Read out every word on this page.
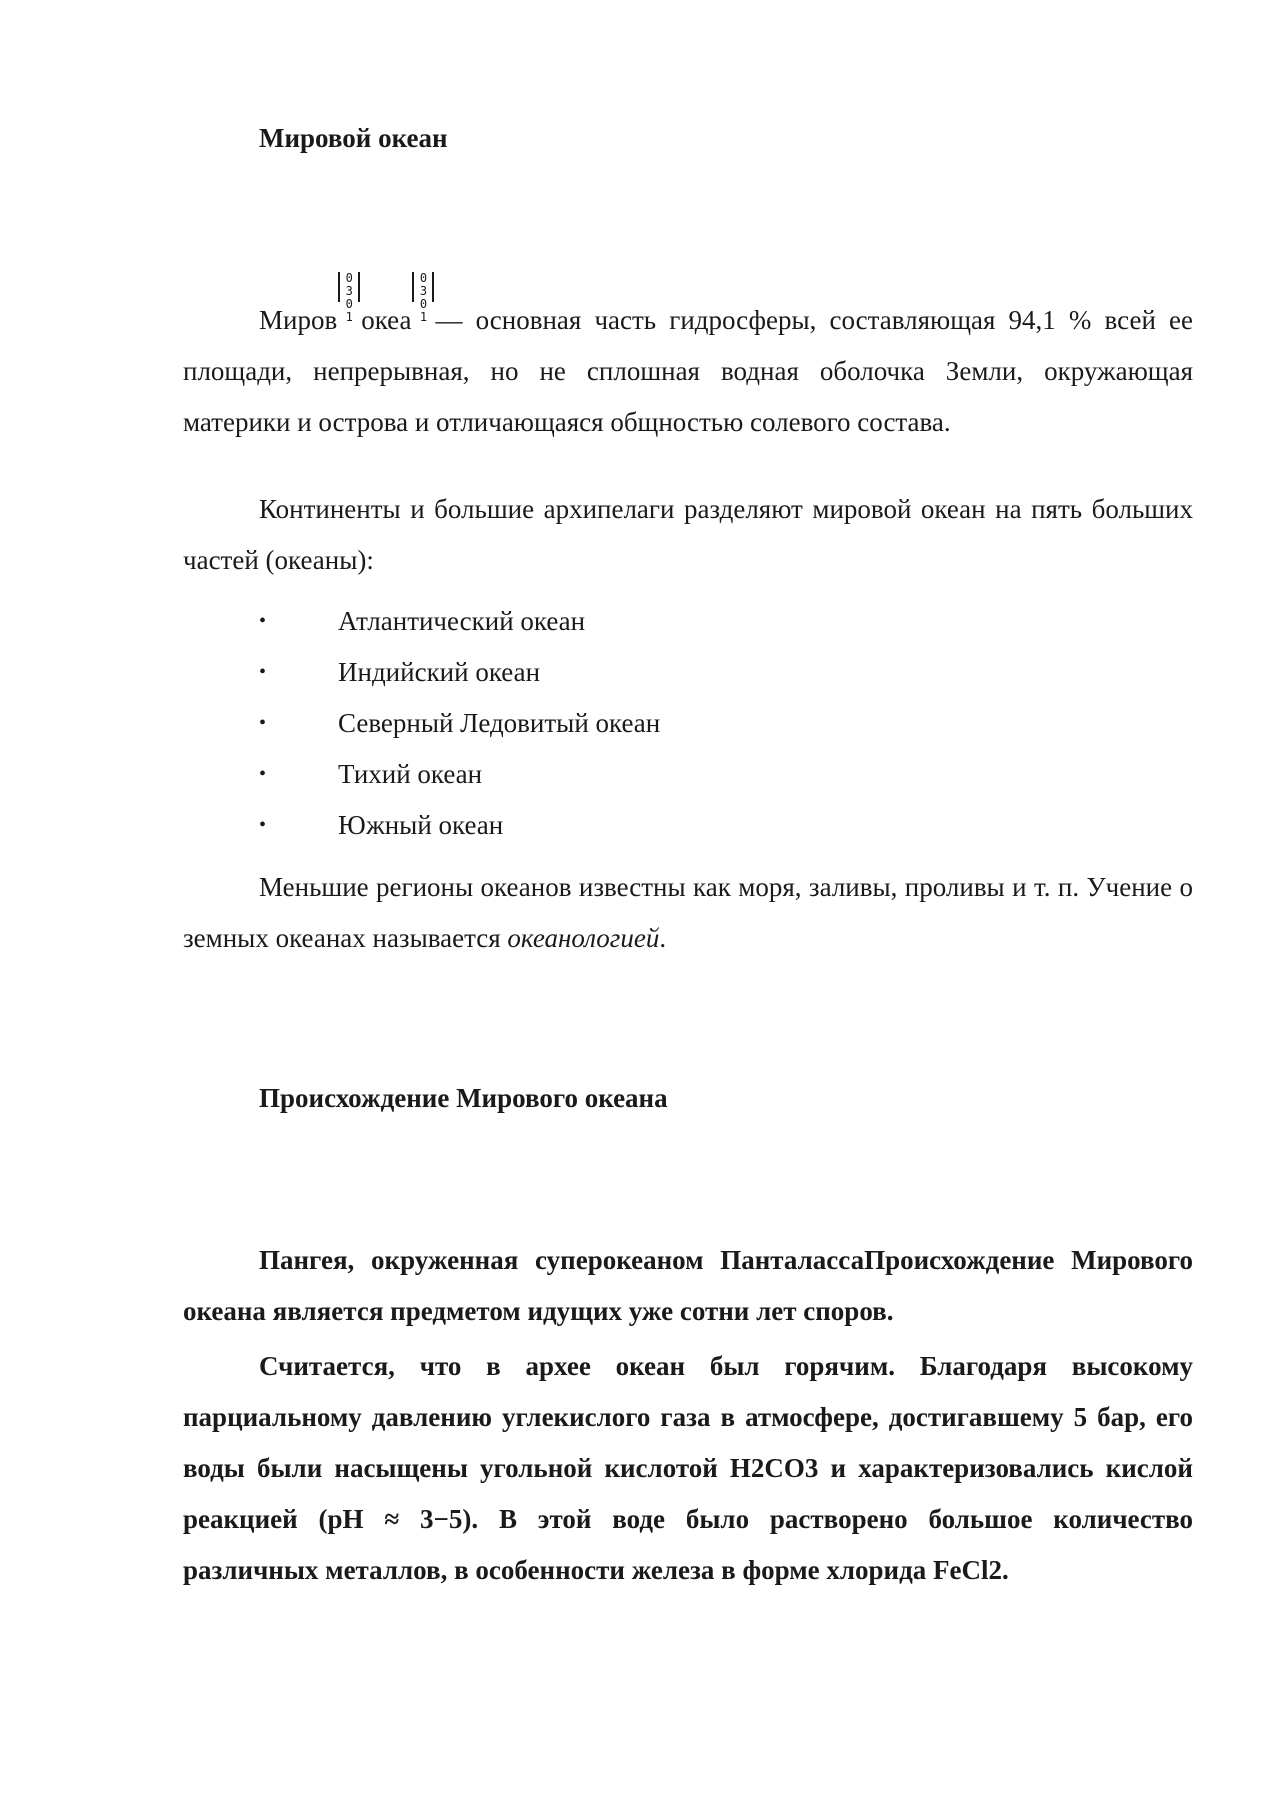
Мировой океан

Миров0 3 0 1 океа0 3 0 1 — основная часть гидросферы, составляющая 94,1 % всей ее площади, непрерывная, но не сплошная водная оболочка Земли, окружающая материки и острова и отличающаяся общностью солевого состава.

Континенты и большие архипелаги разделяют мировой океан на пять больших частей (океаны):

•	Атлантический океан
•	Индийский океан
•	Северный Ледовитый океан
•	Тихий океан
•	Южный океан

Меньшие регионы океанов известны как моря, заливы, проливы и т. п. Учение о земных океанах называется океанологией.

Происхождение Мирового океана

Пангея, окруженная суперокеаном ПанталассаПроисхождение Мирового океана является предметом идущих уже сотни лет споров.

Считается, что в архее океан был горячим. Благодаря высокому парциальному давлению углекислого газа в атмосфере, достигавшему 5 бар, его воды были насыщены угольной кислотой H2CO3 и характеризовались кислой реакцией (pH ≈ 3−5). В этой воде было растворено большое количество различных металлов, в особенности железа в форме хлорида FeCl2.
